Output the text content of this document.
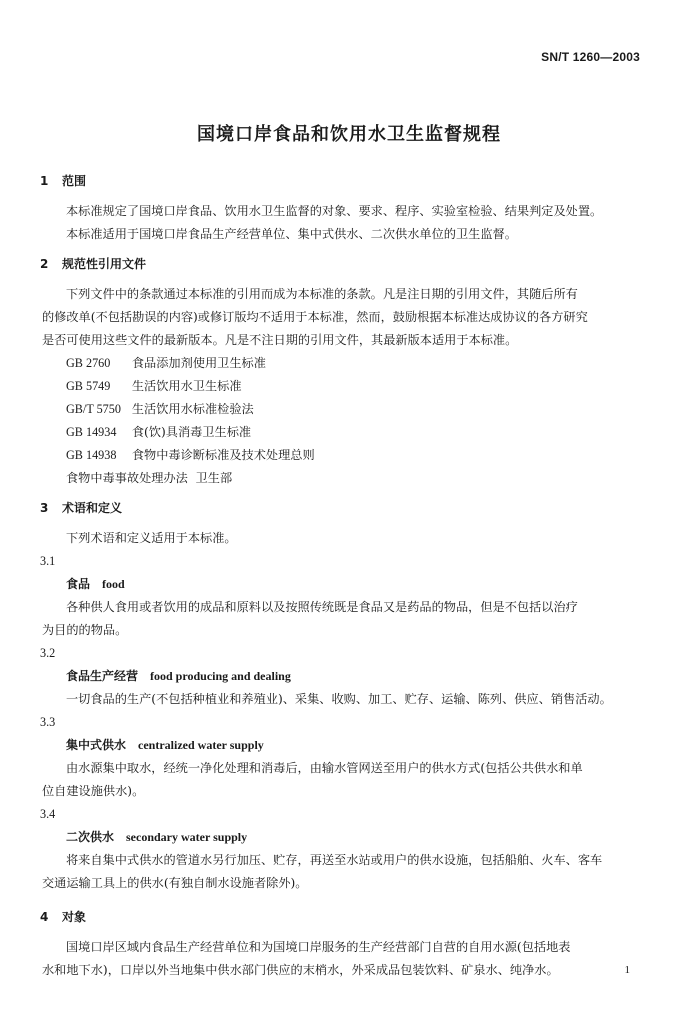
SN/T 1260—2003
国境口岸食品和饮用水卫生监督规程
1 范围
本标准规定了国境口岸食品、饮用水卫生监督的对象、要求、程序、实验室检验、结果判定及处置。
本标准适用于国境口岸食品生产经营单位、集中式供水、二次供水单位的卫生监督。
2 规范性引用文件
下列文件中的条款通过本标准的引用而成为本标准的条款。凡是注日期的引用文件，其随后所有
的修改单(不包括勘误的内容)或修订版均不适用于本标准，然而，鼓励根据本标准达成协议的各方研究
是否可使用这些文件的最新版本。凡是不注日期的引用文件，其最新版本适用于本标准。
GB 2760 食品添加剂使用卫生标准
GB 5749 生活饮用水卫生标准
GB/T 5750 生活饮用水标准检验法
GB 14934 食(饮)具消毒卫生标准
GB 14938 食物中毒诊断标准及技术处理总则
食物中毒事故处理办法 卫生部
3 术语和定义
下列术语和定义适用于本标准。
3.1
食品 food
各种供人食用或者饮用的成品和原料以及按照传统既是食品又是药品的物品，但是不包括以治疗
为目的的物品。
3.2
食品生产经营 food producing and dealing
一切食品的生产(不包括种植业和养殖业)、采集、收购、加工、贮存、运输、陈列、供应、销售活动。
3.3
集中式供水 centralized water supply
由水源集中取水，经统一净化处理和消毒后，由输水管网送至用户的供水方式(包括公共供水和单
位自建设施供水)。
3.4
二次供水 secondary water supply
将来自集中式供水的管道水另行加压、贮存，再送至水站或用户的供水设施，包括船舶、火车、客车
交通运输工具上的供水(有独自制水设施者除外)。
4 对象
国境口岸区域内食品生产经营单位和为国境口岸服务的生产经营部门自营的自用水源(包括地表
水和地下水)，口岸以外当地集中供水部门供应的末梢水，外采成品包装饮料、矿泉水、纯净水。	1
